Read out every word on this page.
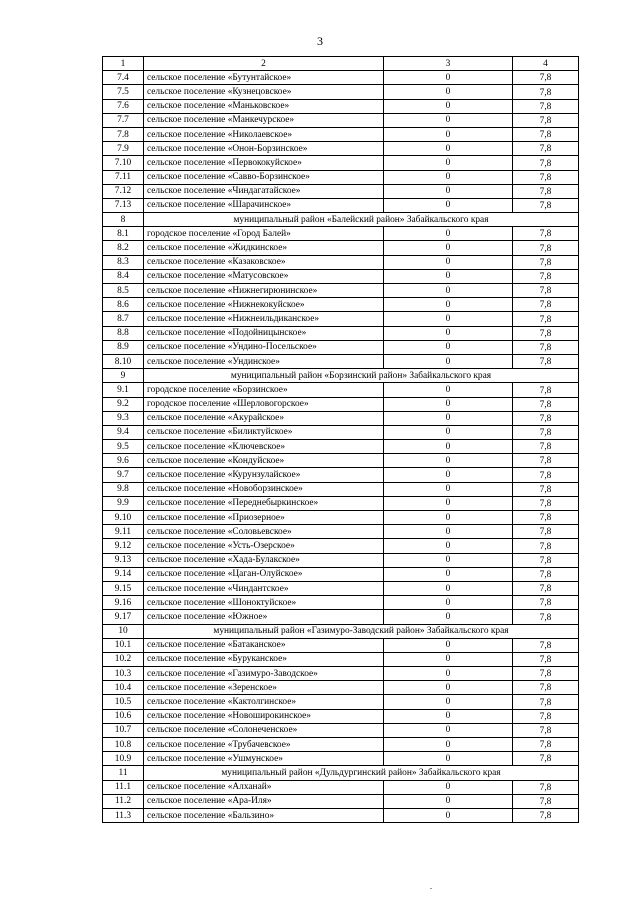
3
1	2	3	4
7.4	сельское поселение «Бутунтайское»	0	7,8
7.5	сельское поселение «Кузнецовское»	0	7,8
7.6	сельское поселение «Маньковское»	0	7,8
7.7	сельское поселение «Манкечурское»	0	7,8
7.8	сельское поселение «Николаевское»	0	7,8
7.9	сельское поселение «Онон-Борзинское»	0	7,8
7.10	сельское поселение «Первококуйское»	0	7,8
7.11	сельское поселение «Савво-Борзинское»	0	7,8
7.12	сельское поселение «Чиндагатайское»	0	7,8
7.13	сельское поселение «Шарачинское»	0	7,8
8	муниципальный район «Балейский район» Забайкальского края		
8.1	городское поселение «Город Балей»	0	7,8
8.2	сельское поселение «Жидкинское»	0	7,8
8.3	сельское поселение «Казаковское»	0	7,8
8.4	сельское поселение «Матусовское»	0	7,8
8.5	сельское поселение «Нижнегирюнинское»	0	7,8
8.6	сельское поселение «Нижнекокуйское»	0	7,8
8.7	сельское поселение «Нижнеильдиканское»	0	7,8
8.8	сельское поселение «Подойницынское»	0	7,8
8.9	сельское поселение «Ундино-Посельское»	0	7,8
8.10	сельское поселение «Ундинское»	0	7,8
9	муниципальный район «Борзинский район» Забайкальского края		
9.1	городское поселение «Борзинское»	0	7,8
9.2	городское поселение «Шерловогорское»	0	7,8
9.3	сельское поселение «Акурайское»	0	7,8
9.4	сельское поселение «Биликтуйское»	0	7,8
9.5	сельское поселение «Ключевское»	0	7,8
9.6	сельское поселение «Кондуйское»	0	7,8
9.7	сельское поселение «Курунзулайское»	0	7,8
9.8	сельское поселение «Новоборзинское»	0	7,8
9.9	сельское поселение «Переднебыркинское»	0	7,8
9.10	сельское поселение «Приозерное»	0	7,8
9.11	сельское поселение «Соловьевское»	0	7,8
9.12	сельское поселение «Усть-Озерское»	0	7,8
9.13	сельское поселение «Хада-Булакское»	0	7,8
9.14	сельское поселение «Цаган-Олуйское»	0	7,8
9.15	сельское поселение «Чиндантское»	0	7,8
9.16	сельское поселение «Шоноктуйское»	0	7,8
9.17	сельское поселение «Южное»	0	7,8
10	муниципальный район «Газимуро-Заводский район» Забайкальского края		
10.1	сельское поселение «Батаканское»	0	7,8
10.2	сельское поселение «Буруканское»	0	7,8
10.3	сельское поселение «Газимуро-Заводское»	0	7,8
10.4	сельское поселение «Зеренское»	0	7,8
10.5	сельское поселение «Кактолгинское»	0	7,8
10.6	сельское поселение «Новоширокинское»	0	7,8
10.7	сельское поселение «Солонеченское»	0	7,8
10.8	сельское поселение «Трубачевское»	0	7,8
10.9	сельское поселение «Ушмунское»	0	7,8
11	муниципальный район «Дульдургинский район» Забайкальского края		
11.1	сельское поселение «Алханай»	0	7,8
11.2	сельское поселение «Ара-Иля»	0	7,8
11.3	сельское поселение «Бальзино»	0	7,8
